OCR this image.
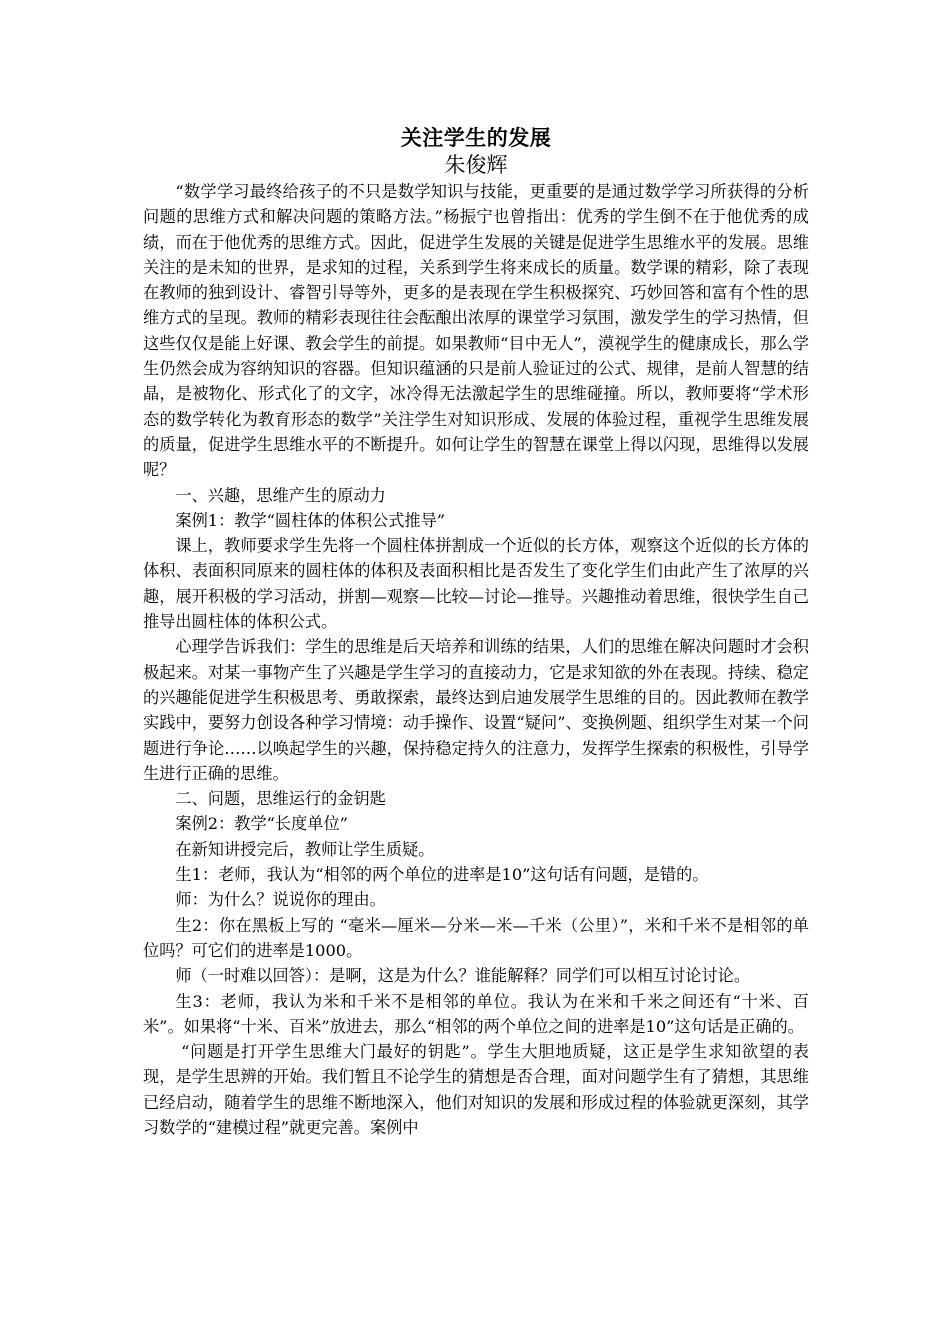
关注学生的发展

朱俊辉

“数学学习最终给孩子的不只是数学知识与技能，更重要的是通过数学学习所获得的分析问题的思维方式和解决问题的策略方法。”杨振宁也曾指出：优秀的学生倒不在于他优秀的成绩，而在于他优秀的思维方式。因此，促进学生发展的关键是促进学生思维水平的发展。思维关注的是未知的世界，是求知的过程，关系到学生将来成长的质量。数学课的精彩，除了表现在教师的独到设计、睿智引导等外，更多的是表现在学生积极探究、巧妙回答和富有个性的思维方式的呈现。教师的精彩表现往往会酝酿出浓厚的课堂学习氛围，激发学生的学习热情，但这些仅仅是能上好课、教会学生的前提。如果教师“目中无人”，漠视学生的健康成长，那么学生仍然会成为容纳知识的容器。但知识蕴涵的只是前人验证过的公式、规律，是前人智慧的结晶，是被物化、形式化了的文字，冰冷得无法激起学生的思维碰撞。所以，教师要将“学术形态的数学转化为教育形态的数学”关注学生对知识形成、发展的体验过程，重视学生思维发展的质量，促进学生思维水平的不断提升。如何让学生的智慧在课堂上得以闪现，思维得以发展呢？

一、兴趣，思维产生的原动力

案例1：教学“圆柱体的体积公式推导”

课上，教师要求学生先将一个圆柱体拼割成一个近似的长方体，观察这个近似的长方体的体积、表面积同原来的圆柱体的体积及表面积相比是否发生了变化学生们由此产生了浓厚的兴趣，展开积极的学习活动，拼割—观察—比较—讨论—推导。兴趣推动着思维，很快学生自己推导出圆柱体的体积公式。

心理学告诉我们：学生的思维是后天培养和训练的结果，人们的思维在解决问题时才会积极起来。对某一事物产生了兴趣是学生学习的直接动力，它是求知欲的外在表现。持续、稳定的兴趣能促进学生积极思考、勇敢探索，最终达到启迪发展学生思维的目的。因此教师在教学实践中，要努力创设各种学习情境：动手操作、设置“疑问”、变换例题、组织学生对某一个问题进行争论……以唤起学生的兴趣，保持稳定持久的注意力，发挥学生探索的积极性，引导学生进行正确的思维。

二、问题，思维运行的金钥匙

案例2：教学“长度单位”

在新知讲授完后，教师让学生质疑。

生1：老师，我认为“相邻的两个单位的进率是10”这句话有问题，是错的。

师：为什么？说说你的理由。

生2：你在黑板上写的 “毫米—厘米—分米—米—千米（公里）”，米和千米不是相邻的单位吗？可它们的进率是1000。

师（一时难以回答）：是啊，这是为什么？谁能解释？同学们可以相互讨论讨论。

生3：老师，我认为米和千米不是相邻的单位。我认为在米和千米之间还有“十米、百米”。如果将“十米、百米”放进去，那么“相邻的两个单位之间的进率是10”这句话是正确的。

“问题是打开学生思维大门最好的钥匙”。学生大胆地质疑，这正是学生求知欲望的表现，是学生思辨的开始。我们暂且不论学生的猜想是否合理，面对问题学生有了猜想，其思维已经启动，随着学生的思维不断地深入，他们对知识的发展和形成过程的体验就更深刻，其学习数学的“建模过程”就更完善。案例中
